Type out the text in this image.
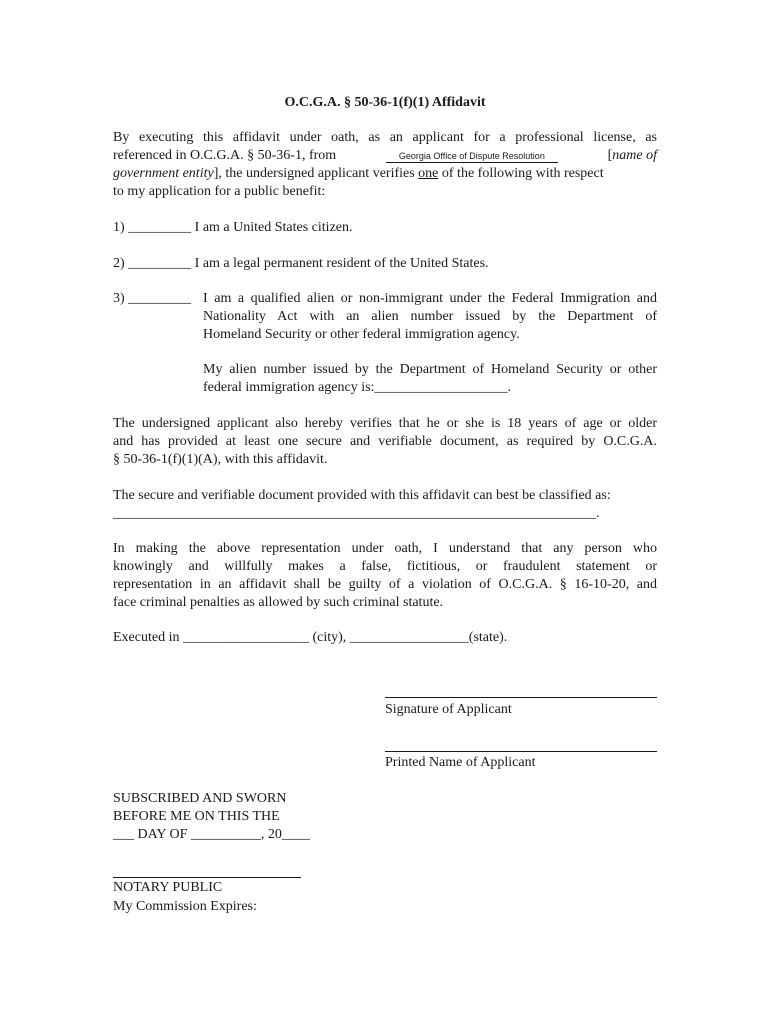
O.C.G.A. § 50-36-1(f)(1) Affidavit
By executing this affidavit under oath, as an applicant for a professional license, as
referenced in O.C.G.A. § 50-36-1, from	Georgia Office of Dispute Resolution	[name of
government entity], the undersigned applicant verifies one of the following with respect
to my application for a public benefit:
1) _________ I am a United States citizen.
2) _________ I am a legal permanent resident of the United States.
3) _________ I am a qualified alien or non-immigrant under the Federal Immigration and
Nationality Act with an alien number issued by the Department of
Homeland Security or other federal immigration agency.
My alien number issued by the Department of Homeland Security or other
federal immigration agency is:___________________.
The undersigned applicant also hereby verifies that he or she is 18 years of age or older
and has provided at least one secure and verifiable document, as required by O.C.G.A.
§ 50-36-1(f)(1)(A), with this affidavit.
The secure and verifiable document provided with this affidavit can best be classified as:
_____________________________________________________________________.
In making the above representation under oath, I understand that any person who
knowingly and willfully makes a false, fictitious, or fraudulent statement or
representation in an affidavit shall be guilty of a violation of O.C.G.A. § 16-10-20, and
face criminal penalties as allowed by such criminal statute.
Executed in __________________ (city), _________________(state).
Signature of Applicant
Printed Name of Applicant
SUBSCRIBED AND SWORN
BEFORE ME ON THIS THE
___ DAY OF __________, 20____
NOTARY PUBLIC
My Commission Expires:
